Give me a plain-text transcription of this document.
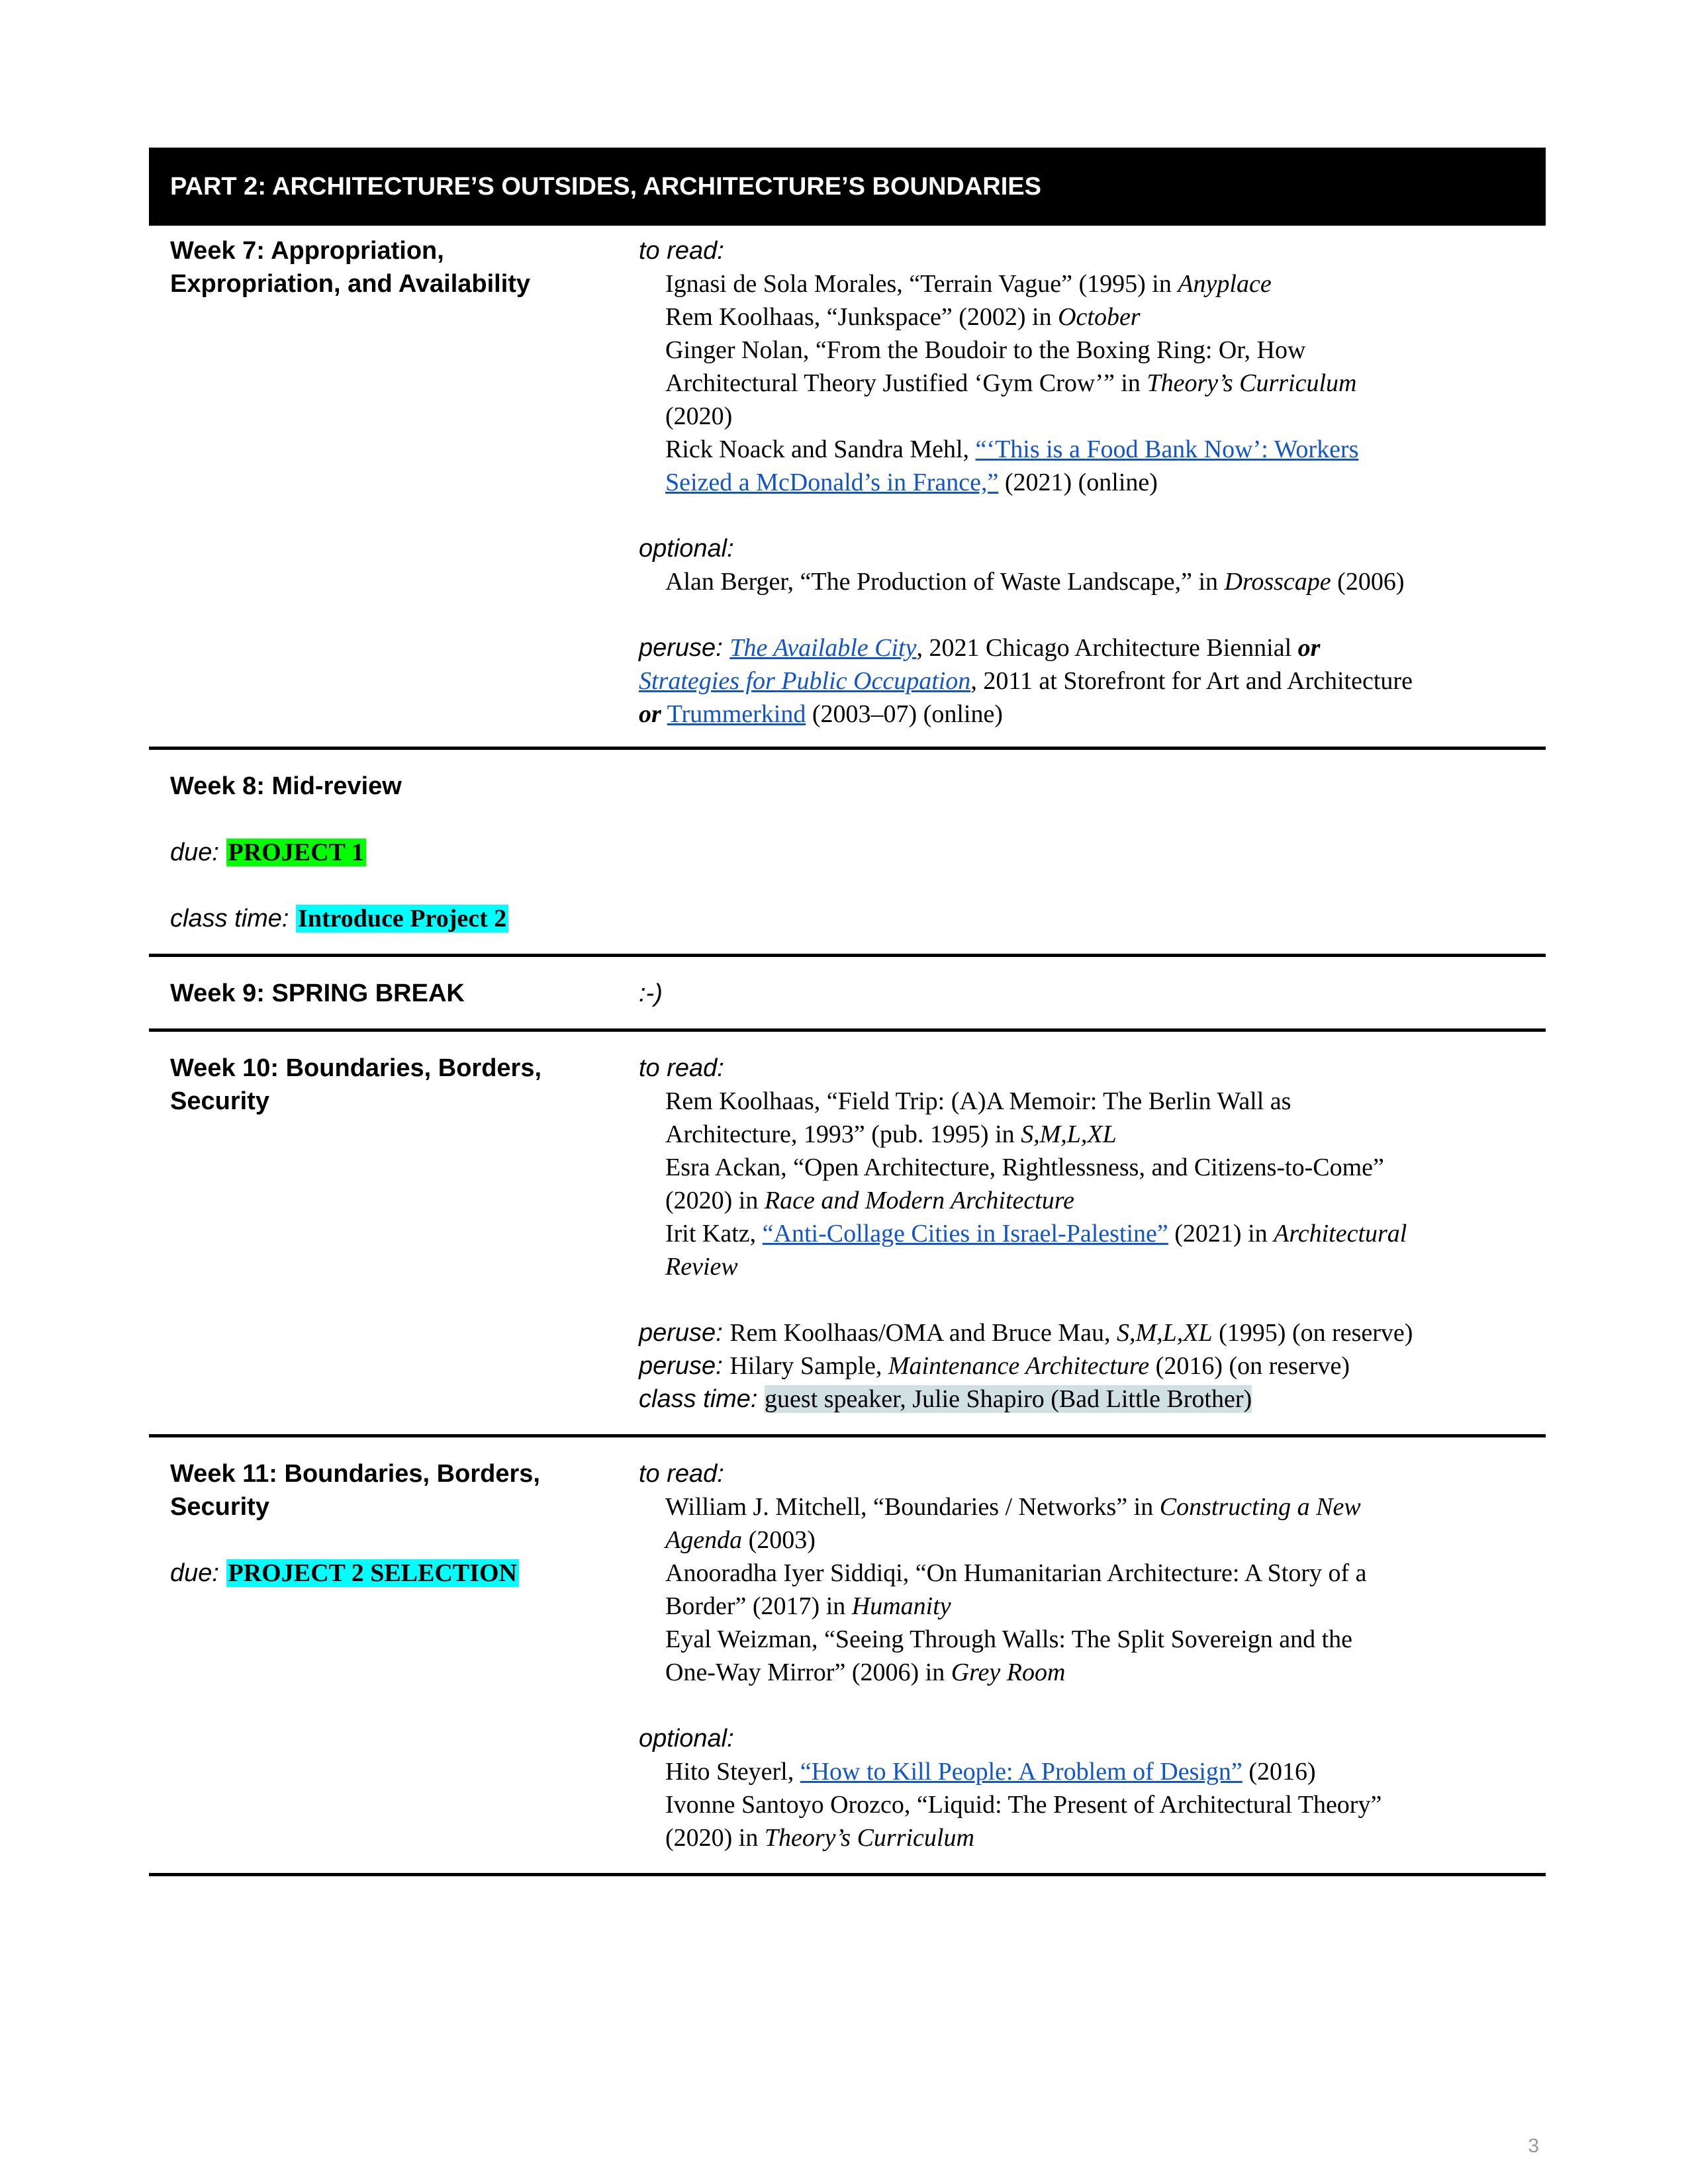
PART 2: ARCHITECTURE’S OUTSIDES, ARCHITECTURE’S BOUNDARIES
Week 7: Appropriation,
Expropriation, and Availability
to read:
Ignasi de Sola Morales, “Terrain Vague” (1995) in Anyplace
Rem Koolhaas, “Junkspace” (2002) in October
Ginger Nolan, “From the Boudoir to the Boxing Ring: Or, How
Architectural Theory Justified ‘Gym Crow’” in Theory’s Curriculum
(2020)
Rick Noack and Sandra Mehl, “‘This is a Food Bank Now’: Workers
Seized a McDonald’s in France,” (2021) (online)
optional:
Alan Berger, “The Production of Waste Landscape,” in Drosscape (2006)
peruse: The Available City, 2021 Chicago Architecture Biennial or
Strategies for Public Occupation, 2011 at Storefront for Art and Architecture
or Trummerkind (2003–07) (online)
Week 8: Mid-review
due: PROJECT 1
class time: Introduce Project 2
Week 9: SPRING BREAK	:-)
Week 10: Boundaries, Borders,
Security
to read:
Rem Koolhaas, “Field Trip: (A)A Memoir: The Berlin Wall as
Architecture, 1993” (pub. 1995) in S,M,L,XL
Esra Ackan, “Open Architecture, Rightlessness, and Citizens-to-Come”
(2020) in Race and Modern Architecture
Irit Katz, “Anti-Collage Cities in Israel-Palestine” (2021) in Architectural
Review
peruse: Rem Koolhaas/OMA and Bruce Mau, S,M,L,XL (1995) (on reserve)
peruse: Hilary Sample, Maintenance Architecture (2016) (on reserve)
class time: guest speaker, Julie Shapiro (Bad Little Brother)
Week 11: Boundaries, Borders,
Security
due: PROJECT 2 SELECTION
to read:
William J. Mitchell, “Boundaries / Networks” in Constructing a New
Agenda (2003)
Anooradha Iyer Siddiqi, “On Humanitarian Architecture: A Story of a
Border” (2017) in Humanity
Eyal Weizman, “Seeing Through Walls: The Split Sovereign and the
One-Way Mirror” (2006) in Grey Room
optional:
Hito Steyerl, “How to Kill People: A Problem of Design” (2016)
Ivonne Santoyo Orozco, “Liquid: The Present of Architectural Theory”
(2020) in Theory’s Curriculum
3
